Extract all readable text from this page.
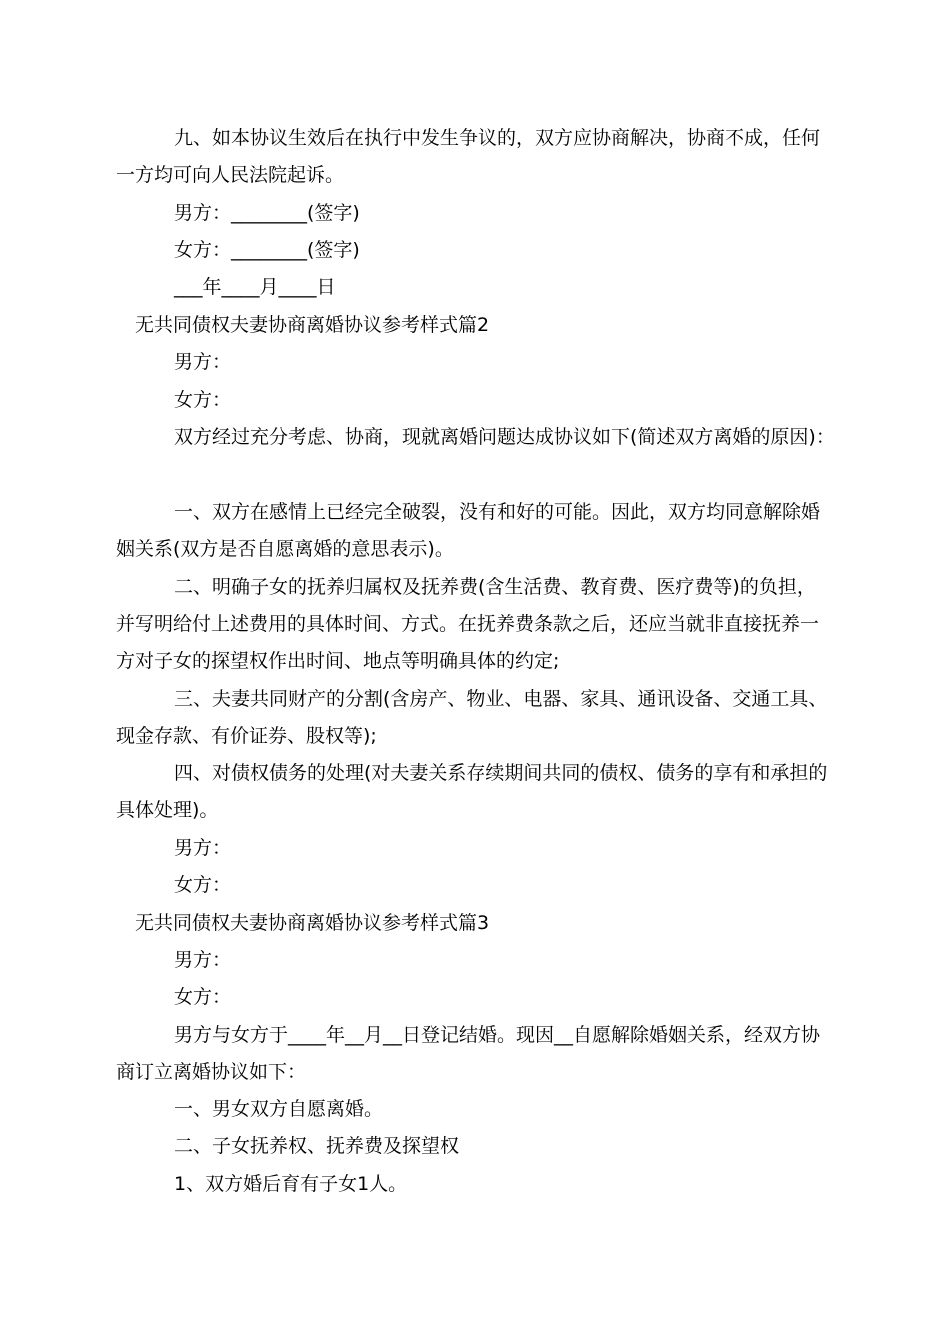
九、如本协议生效后在执行中发生争议的，双方应协商解决，协商不成，任何

一方均可向人民法院起诉。

男方：________(签字)

女方：________(签字)

___年____月____日

无共同债权夫妻协商离婚协议参考样式篇2

男方：

女方：

双方经过充分考虑、协商，现就离婚问题达成协议如下(简述双方离婚的原因)：

一、双方在感情上已经完全破裂，没有和好的可能。因此，双方均同意解除婚

姻关系(双方是否自愿离婚的意思表示)。

二、明确子女的抚养归属权及抚养费(含生活费、教育费、医疗费等)的负担，

并写明给付上述费用的具体时间、方式。在抚养费条款之后，还应当就非直接抚养一

方对子女的探望权作出时间、地点等明确具体的约定;

三、夫妻共同财产的分割(含房产、物业、电器、家具、通讯设备、交通工具、

现金存款、有价证券、股权等);

四、对债权债务的处理(对夫妻关系存续期间共同的债权、债务的享有和承担的

具体处理)。

男方：

女方：

无共同债权夫妻协商离婚协议参考样式篇3

男方：

女方：

男方与女方于____年__月__日登记结婚。现因__自愿解除婚姻关系，经双方协

商订立离婚协议如下：

一、男女双方自愿离婚。

二、子女抚养权、抚养费及探望权

1、双方婚后育有子女1人。
